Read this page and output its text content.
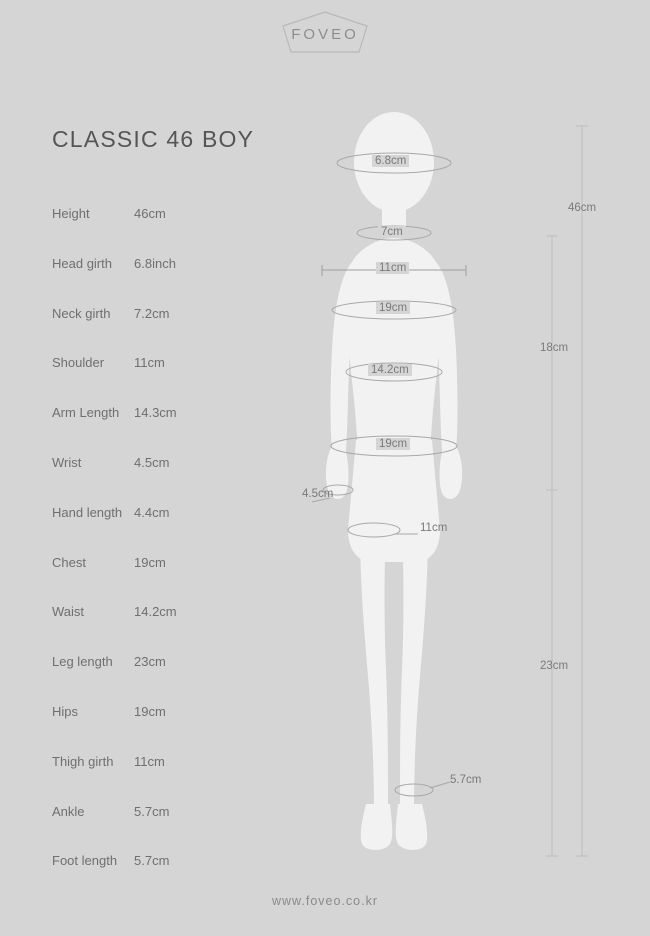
FOVEO
CLASSIC 46 BOY
Height	46cm
Head girth 6.8inch
Neck girth 7.2cm
Shoulder 11cm
Arm Length 14.3cm
Wrist	4.5cm
Hand length 4.4cm
Chest	19cm
Waist	14.2cm
Leg length 23cm
Hips	19cm
Thigh girth 11cm
Ankle	5.7cm
Foot length 5.7cm
6.8cm
7cm
11cm
19cm
14.2cm
19cm
4.5cm
11cm
5.7cm
46cm
18cm
23cm
www.foveo.co.kr
